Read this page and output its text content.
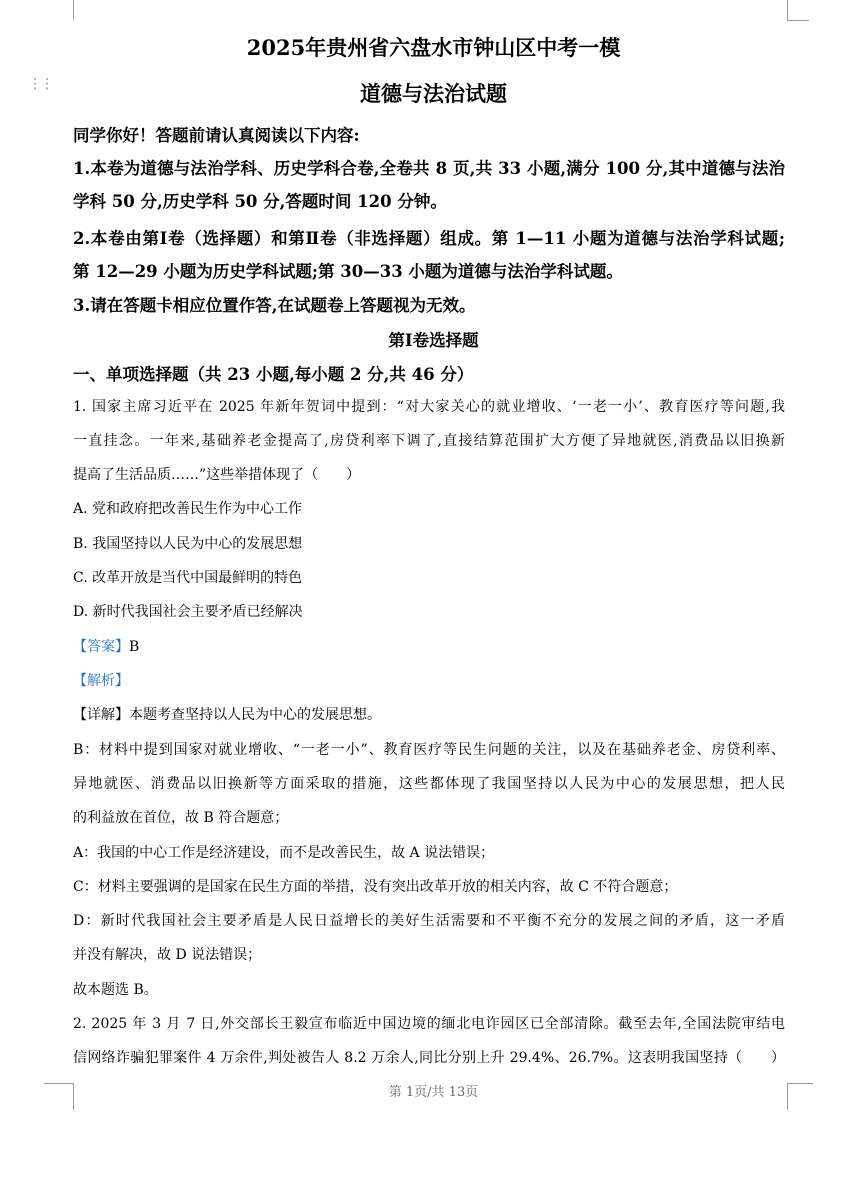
⋮⋮
2025年贵州省六盘水市钟山区中考一模
道德与法治试题
同学你好！答题前请认真阅读以下内容:
1.本卷为道德与法治学科、历史学科合卷,全卷共 8 页,共 33 小题,满分 100 分,其中道德与法治
学科 50 分,历史学科 50 分,答题时间 120 分钟。
2.本卷由第Ⅰ卷（选择题）和第Ⅱ卷（非选择题）组成。第 1—11 小题为道德与法治学科试题;
第 12—29 小题为历史学科试题;第 30—33 小题为道德与法治学科试题。
3.请在答题卡相应位置作答,在试题卷上答题视为无效。
第Ⅰ卷选择题
一、单项选择题（共 23 小题,每小题 2 分,共 46 分）
1. 国家主席习近平在 2025 年新年贺词中提到：“对大家关心的就业增收、‘一老一小’、教育医疗等问题,我
一直挂念。一年来,基础养老金提高了,房贷利率下调了,直接结算范围扩大方便了异地就医,消费品以旧换新
提高了生活品质……”这些举措体现了（　　）
A. 党和政府把改善民生作为中心工作
B. 我国坚持以人民为中心的发展思想
C. 改革开放是当代中国最鲜明的特色
D. 新时代我国社会主要矛盾已经解决
【答案】B
【解析】
【详解】本题考查坚持以人民为中心的发展思想。
B：材料中提到国家对就业增收、“一老一小”、教育医疗等民生问题的关注，以及在基础养老金、房贷利率、
异地就医、消费品以旧换新等方面采取的措施，这些都体现了我国坚持以人民为中心的发展思想，把人民
的利益放在首位，故 B 符合题意；
A：我国的中心工作是经济建设，而不是改善民生，故 A 说法错误；
C：材料主要强调的是国家在民生方面的举措，没有突出改革开放的相关内容，故 C 不符合题意；
D：新时代我国社会主要矛盾是人民日益增长的美好生活需要和不平衡不充分的发展之间的矛盾，这一矛盾
并没有解决，故 D 说法错误；
故本题选 B。
2. 2025 年 3 月 7 日,外交部长王毅宣布临近中国边境的缅北电诈园区已全部清除。截至去年,全国法院审结电
信网络诈骗犯罪案件 4 万余件,判处被告人 8.2 万余人,同比分别上升 29.4%、26.7%。这表明我国坚持（　　）
第 1页/共 13页
